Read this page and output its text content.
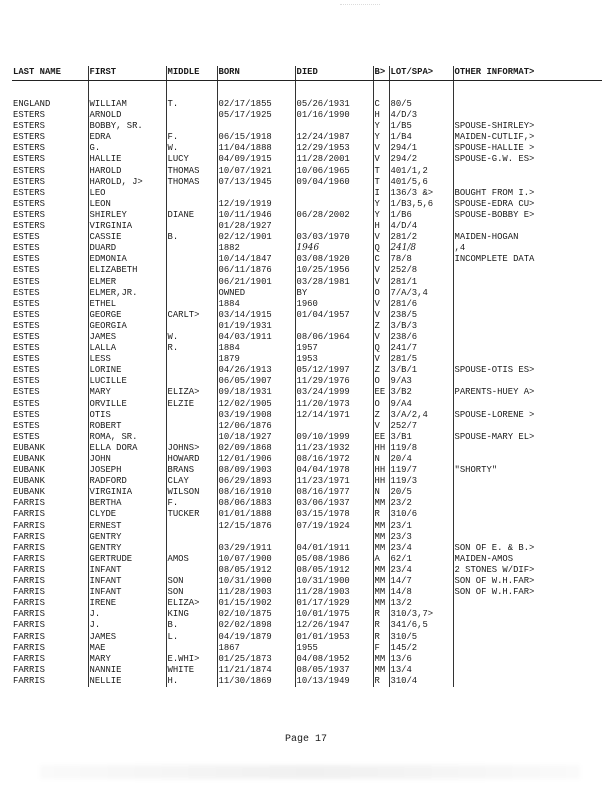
LAST NAME	FIRST	MIDDLE	BORN	DIED	B>	LOT/SPA>	OTHER INFORMAT>

ENGLAND	WILLIAM	T.	02/17/1855	05/26/1931	C	80/5	
ESTERS	ARNOLD		05/17/1925	01/16/1990	H	4/D/3	
ESTERS	BOBBY, SR.				Y	1/B5	SPOUSE-SHIRLEY>
ESTERS	EDRA	F.	06/15/1918	12/24/1987	Y	1/B4	MAIDEN-CUTLIF,>
ESTERS	G.	W.	11/04/1888	12/29/1953	V	294/1	SPOUSE-HALLIE >
ESTERS	HALLIE	LUCY	04/09/1915	11/28/2001	V	294/2	SPOUSE-G.W. ES>
ESTERS	HAROLD	THOMAS	10/07/1921	10/06/1965	T	401/1,2	
ESTERS	HAROLD, J>	THOMAS	07/13/1945	09/04/1960	T	401/5,6	
ESTERS	LEO				I	136/3 &>	BOUGHT FROM I.>
ESTERS	LEON		12/19/1919		Y	1/B3,5,6	SPOUSE-EDRA CU>
ESTERS	SHIRLEY	DIANE	10/11/1946	06/28/2002	Y	1/B6	SPOUSE-BOBBY E>
ESTERS	VIRGINIA		01/28/1927		H	4/D/4	
ESTES	CASSIE	B.	02/12/1901	03/03/1970	V	281/2	MAIDEN-HOGAN
ESTES	DUARD		1882	1946	Q	241/8	,4
ESTES	EDMONIA		10/14/1847	03/08/1920	C	78/8	INCOMPLETE DATA
ESTES	ELIZABETH		06/11/1876	10/25/1956	V	252/8	
ESTES	ELMER		06/21/1901	03/28/1981	V	281/1	
ESTES	ELMER,JR.		OWNED	BY	O	7/A/3,4	
ESTES	ETHEL		1884	1960	V	281/6	
ESTES	GEORGE	CARLT>	03/14/1915	01/04/1957	V	238/5	
ESTES	GEORGIA		01/19/1931		Z	3/B/3	
ESTES	JAMES	W.	04/03/1911	08/06/1964	V	238/6	
ESTES	LALLA	R.	1884	1957	Q	241/7	
ESTES	LESS		1879	1953	V	281/5	
ESTES	LORINE		04/26/1913	05/12/1997	Z	3/B/1	SPOUSE-OTIS ES>
ESTES	LUCILLE		06/05/1907	11/29/1976	O	9/A3	
ESTES	MARY	ELIZA>	09/18/1931	03/24/1999	EE	3/B2	PARENTS-HUEY A>
ESTES	ORVILLE	ELZIE	12/02/1905	11/20/1973	O	9/A4	
ESTES	OTIS		03/19/1908	12/14/1971	Z	3/A/2,4	SPOUSE-LORENE >
ESTES	ROBERT		12/06/1876		V	252/7	
ESTES	ROMA, SR.		10/18/1927	09/10/1999	EE	3/B1	SPOUSE-MARY EL>
EUBANK	ELLA DORA	JOHNS>	02/09/1868	11/23/1932	HH	119/8	
EUBANK	JOHN	HOWARD	12/01/1906	08/16/1972	N	20/4	
EUBANK	JOSEPH	BRANS	08/09/1903	04/04/1978	HH	119/7	"SHORTY"
EUBANK	RADFORD	CLAY	06/29/1893	11/23/1971	HH	119/3	
EUBANK	VIRGINIA	WILSON	08/16/1910	08/16/1977	N	20/5	
FARRIS	BERTHA	F.	08/06/1883	03/06/1937	MM	23/2	
FARRIS	CLYDE	TUCKER	01/01/1888	03/15/1978	R	310/6	
FARRIS	ERNEST		12/15/1876	07/19/1924	MM	23/1	
FARRIS	GENTRY				MM	23/3	
FARRIS	GENTRY		03/29/1911	04/01/1911	MM	23/4	SON OF E. & B.>
FARRIS	GERTRUDE	AMOS	10/07/1900	05/08/1986	A	62/1	MAIDEN-AMOS
FARRIS	INFANT		08/05/1912	08/05/1912	MM	23/4	2 STONES W/DIF>
FARRIS	INFANT	SON	10/31/1900	10/31/1900	MM	14/7	SON OF W.H.FAR>
FARRIS	INFANT	SON	11/28/1903	11/28/1903	MM	14/8	SON OF W.H.FAR>
FARRIS	IRENE	ELIZA>	01/15/1902	01/17/1929	MM	13/2	
FARRIS	J.	KING	02/10/1875	10/01/1975	R	310/3,7>	
FARRIS	J.	B.	02/02/1898	12/26/1947	R	341/6,5	
FARRIS	JAMES	L.	04/19/1879	01/01/1953	R	310/5	
FARRIS	MAE		1867	1955	F	145/2	
FARRIS	MARY	E.WHI>	01/25/1873	04/08/1952	MM	13/6	
FARRIS	NANNIE	WHITE	11/21/1874	08/05/1937	MM	13/4	
FARRIS	NELLIE	H.	11/30/1869	10/13/1949	R	310/4	
Page 17
